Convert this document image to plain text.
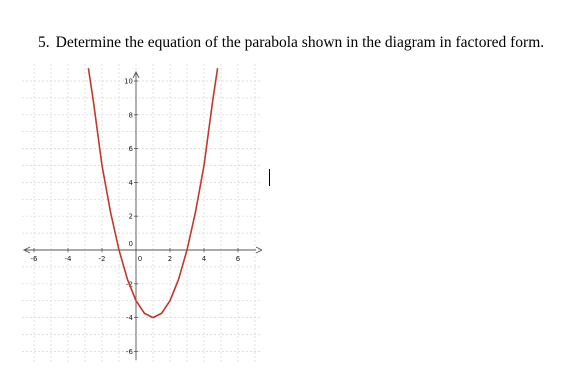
5. Determine the equation of the parabola shown in the diagram in factored form.
-6	-4	-2	0	2	4	6
-6
-4
-2
0
2
4
6
8
10
